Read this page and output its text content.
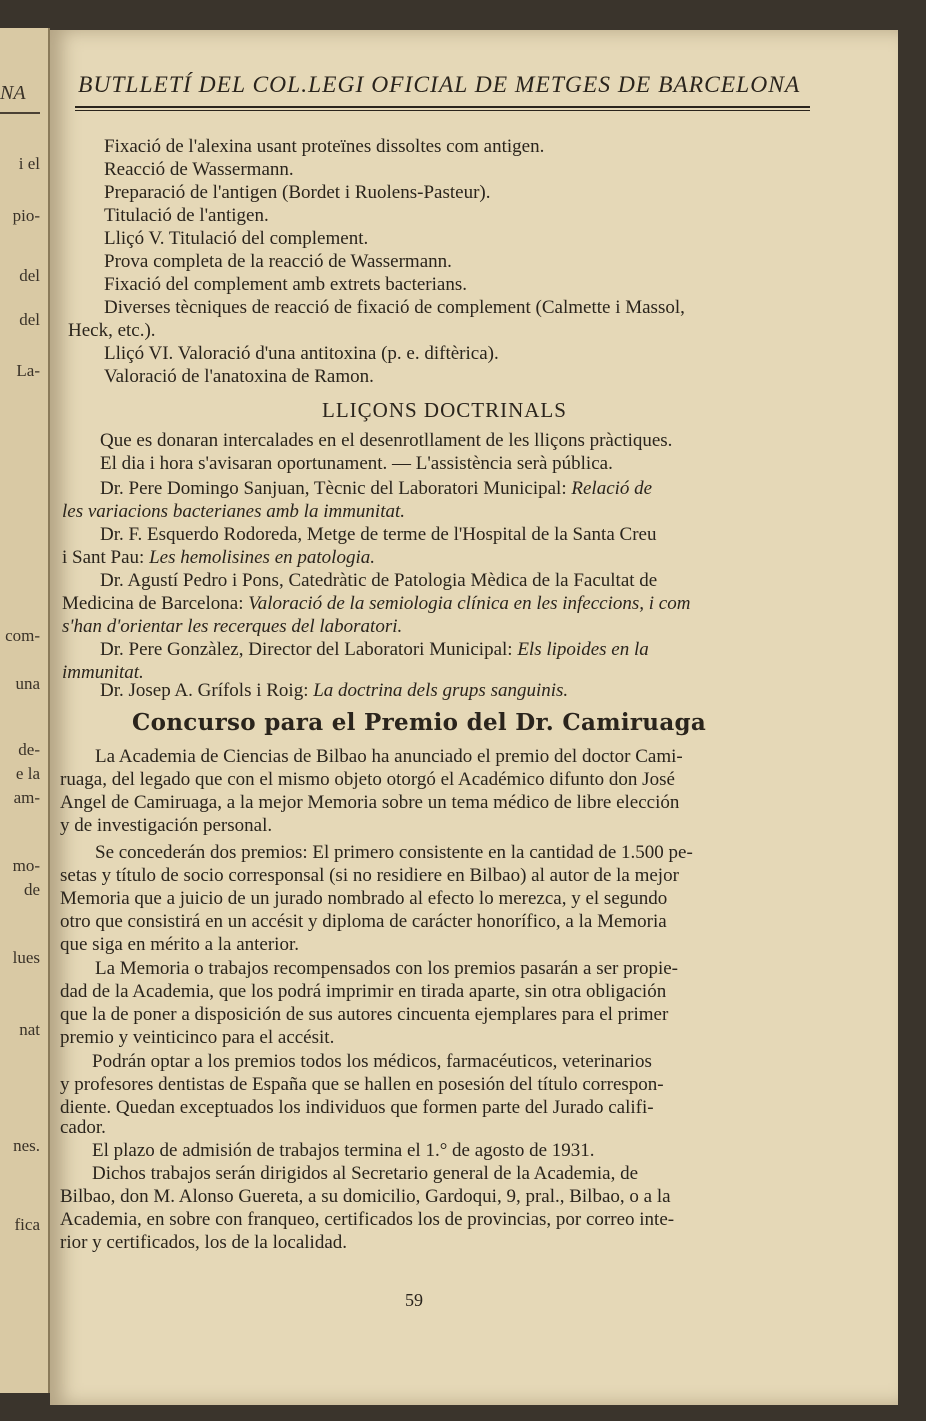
i el
pio-
del
del
La-
com-
una
de-
e la
am-
mo-
de
lues
nat
nes.
fica
NA BUTLLETÍ DEL COL.LEGI OFICIAL DE METGES DE BARCELONA
Fixació de l'alexina usant proteïnes dissoltes com antigen.
Reacció de Wassermann.
Preparació de l'antigen (Bordet i Ruolens-Pasteur).
Titulació de l'antigen.
Lliçó V. Titulació del complement.
Prova completa de la reacció de Wassermann.
Fixació del complement amb extrets bacterians.
Diverses tècniques de reacció de fixació de complement (Calmette i Massol,
Heck, etc.).
Lliçó VI. Valoració d'una antitoxina (p. e. diftèrica).
Valoració de l'anatoxina de Ramon.
LLIÇONS DOCTRINALS
Que es donaran intercalades en el desenrotllament de les lliçons pràctiques.
El dia i hora s'avisaran oportunament. — L'assistència serà pública.
Dr. Pere Domingo Sanjuan, Tècnic del Laboratori Municipal: Relació de
les variacions bacterianes amb la immunitat.
Dr. F. Esquerdo Rodoreda, Metge de terme de l'Hospital de la Santa Creu
i Sant Pau: Les hemolisines en patologia.
Dr. Agustí Pedro i Pons, Catedràtic de Patologia Mèdica de la Facultat de
Medicina de Barcelona: Valoració de la semiologia clínica en les infeccions, i com
s'han d'orientar les recerques del laboratori.
Dr. Pere Gonzàlez, Director del Laboratori Municipal: Els lipoides en la
immunitat.
Dr. Josep A. Grífols i Roig: La doctrina dels grups sanguinis.
Concurso para el Premio del Dr. Camiruaga
La Academia de Ciencias de Bilbao ha anunciado el premio del doctor Cami-
ruaga, del legado que con el mismo objeto otorgó el Académico difunto don José
Angel de Camiruaga, a la mejor Memoria sobre un tema médico de libre elección
y de investigación personal.
Se concederán dos premios: El primero consistente en la cantidad de 1.500 pe-
setas y título de socio corresponsal (si no residiere en Bilbao) al autor de la mejor
Memoria que a juicio de un jurado nombrado al efecto lo merezca, y el segundo
otro que consistirá en un accésit y diploma de carácter honorífico, a la Memoria
que siga en mérito a la anterior.
La Memoria o trabajos recompensados con los premios pasarán a ser propie-
dad de la Academia, que los podrá imprimir en tirada aparte, sin otra obligación
que la de poner a disposición de sus autores cincuenta ejemplares para el primer
premio y veinticinco para el accésit.
Podrán optar a los premios todos los médicos, farmacéuticos, veterinarios
y profesores dentistas de España que se hallen en posesión del título correspon-
diente. Quedan exceptuados los individuos que formen parte del Jurado califi-
cador.
El plazo de admisión de trabajos termina el 1.° de agosto de 1931.
Dichos trabajos serán dirigidos al Secretario general de la Academia, de
Bilbao, don M. Alonso Guereta, a su domicilio, Gardoqui, 9, pral., Bilbao, o a la
Academia, en sobre con franqueo, certificados los de provincias, por correo inte-
rior y certificados, los de la localidad.
59
